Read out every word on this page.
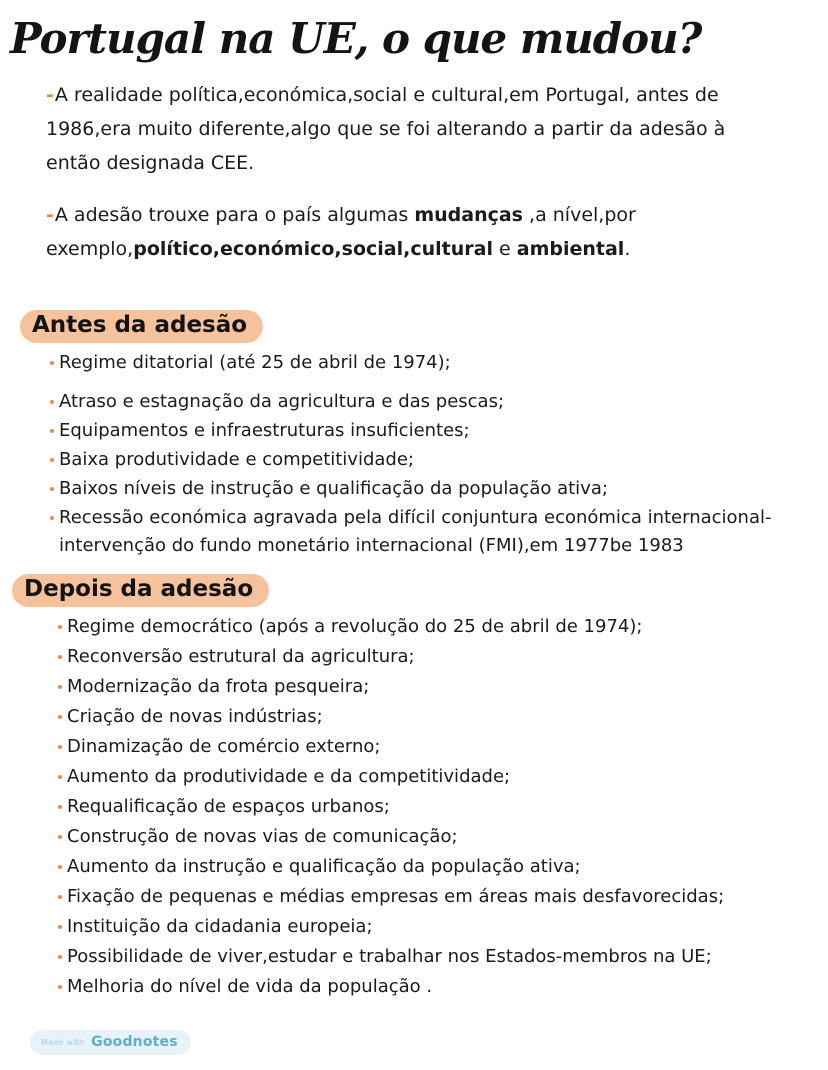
Portugal na UE, o que mudou?

-A realidade política,económica,social e cultural,em Portugal, antes de 1986,era muito diferente,algo que se foi alterando a partir da adesão à então designada CEE.

-A adesão trouxe para o país algumas mudanças ,a nível,por exemplo,político,económico,social,cultural e ambiental.

Antes da adesão
Regime ditatorial (até 25 de abril de 1974);
Atraso e estagnação da agricultura e das pescas;
Equipamentos e infraestruturas insuficientes;
Baixa produtividade e competitividade;
Baixos níveis de instrução e qualificação da população ativa;
Recessão económica agravada pela difícil conjuntura económica internacional- intervenção do fundo monetário internacional (FMI),em 1977be 1983
Depois da adesão
Regime democrático (após a revolução do 25 de abril de 1974);
Reconversão estrutural da agricultura;
Modernização da frota pesqueira;
Criação de novas indústrias;
Dinamização de comércio externo;
Aumento da produtividade e da competitividade;
Requalificação de espaços urbanos;
Construção de novas vias de comunicação;
Aumento da instrução e qualificação da população ativa;
Fixação de pequenas e médias empresas em áreas mais desfavorecidas;
Instituição da cidadania europeia;
Possibilidade de viver,estudar e trabalhar nos Estados-membros na UE;
Melhoria do nível de vida da população .
Made with Goodnotes
